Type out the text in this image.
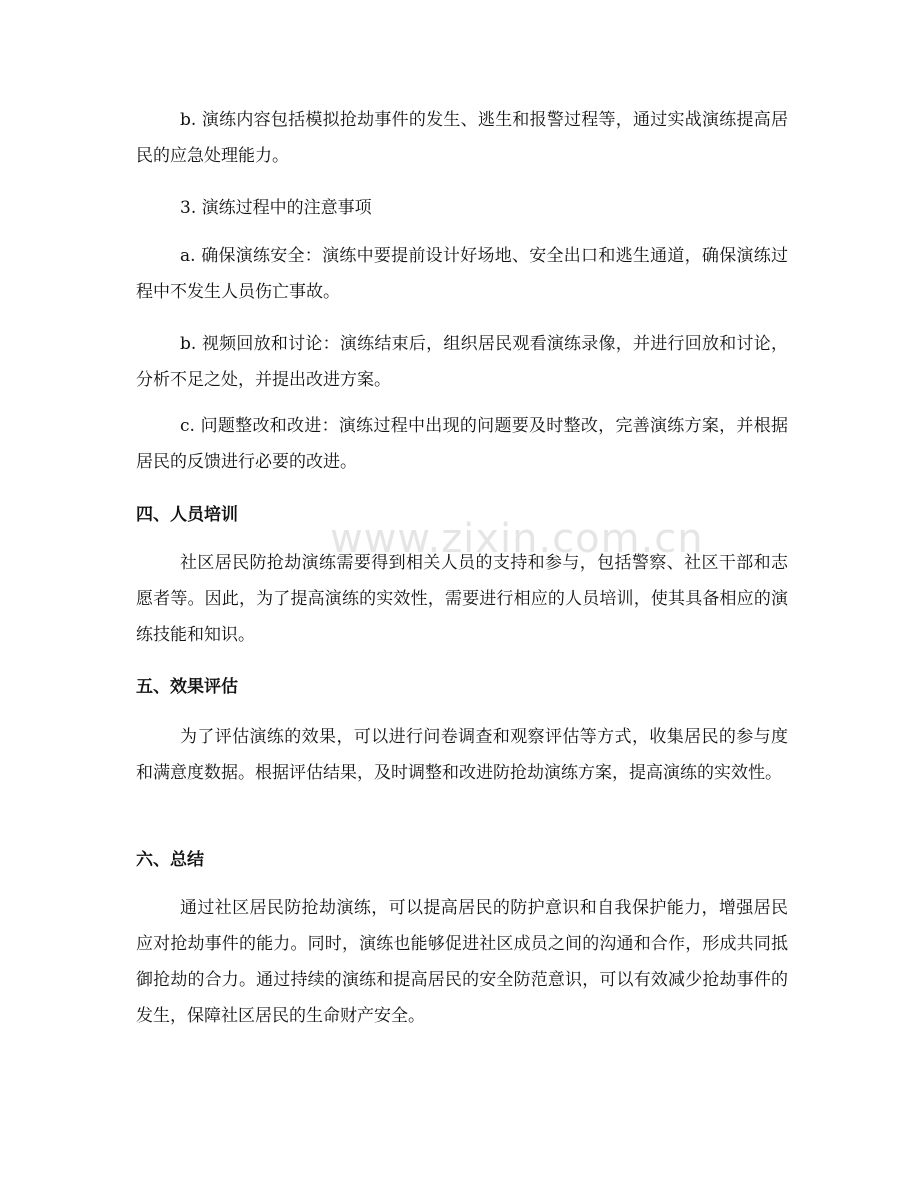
www.zixin.com.cn

b. 演练内容包括模拟抢劫事件的发生、逃生和报警过程等，通过实战演练提高居民的应急处理能力。

3. 演练过程中的注意事项

a. 确保演练安全：演练中要提前设计好场地、安全出口和逃生通道，确保演练过程中不发生人员伤亡事故。

b. 视频回放和讨论：演练结束后，组织居民观看演练录像，并进行回放和讨论，分析不足之处，并提出改进方案。

c. 问题整改和改进：演练过程中出现的问题要及时整改，完善演练方案，并根据居民的反馈进行必要的改进。

四、人员培训

社区居民防抢劫演练需要得到相关人员的支持和参与，包括警察、社区干部和志愿者等。因此，为了提高演练的实效性，需要进行相应的人员培训，使其具备相应的演练技能和知识。

五、效果评估

为了评估演练的效果，可以进行问卷调查和观察评估等方式，收集居民的参与度和满意度数据。根据评估结果，及时调整和改进防抢劫演练方案，提高演练的实效性。

六、总结

通过社区居民防抢劫演练，可以提高居民的防护意识和自我保护能力，增强居民应对抢劫事件的能力。同时，演练也能够促进社区成员之间的沟通和合作，形成共同抵御抢劫的合力。通过持续的演练和提高居民的安全防范意识，可以有效减少抢劫事件的发生，保障社区居民的生命财产安全。
